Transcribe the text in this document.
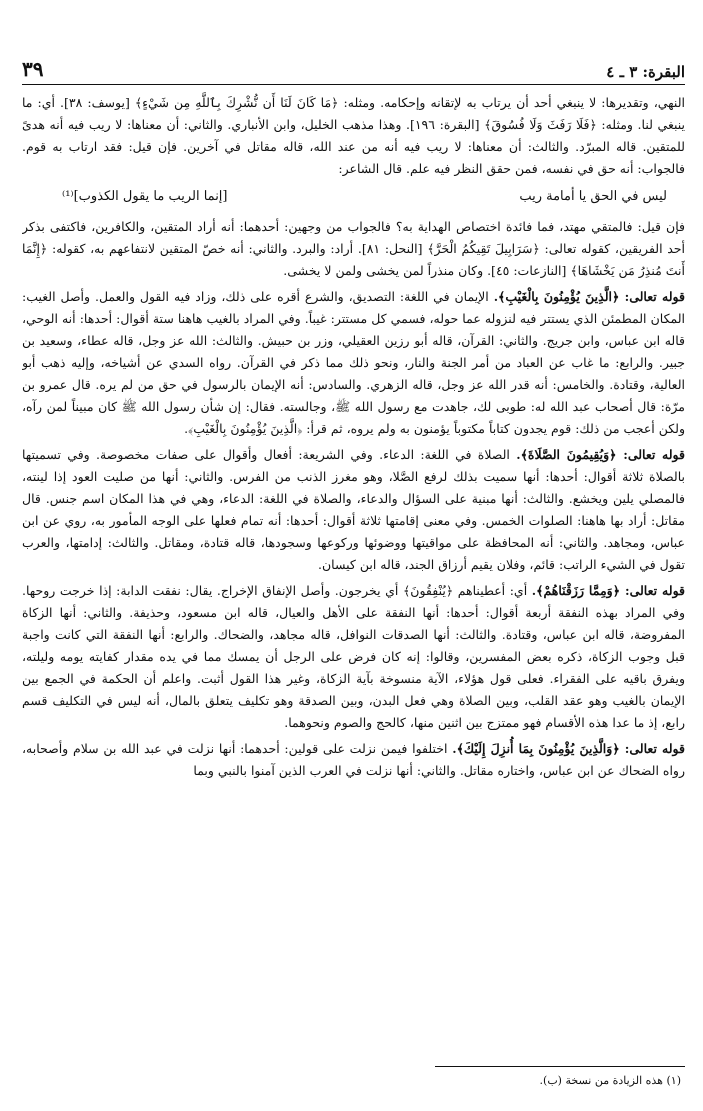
البقرة: ٣ ـ ٤
٣٩

النهي، وتقديرها: لا ينبغي أحد أن يرتاب به لإتقانه وإحكامه. ومثله: ﴿مَا كَانَ لَنَا أَن نُّشْرِكَ بِٱللَّهِ مِن شَيْءٍ﴾ [يوسف: ٣٨]. أي: ما ينبغي لنا. ومثله: ﴿فَلَا رَفَثَ وَلَا فُسُوقَ﴾ [البقرة: ١٩٦]. وهذا مذهب الخليل، وابن الأنباري. والثاني: أن معناها: لا ريب فيه أنه هدىً للمتقين. قاله المبرّد. والثالث: أن معناها: لا ريب فيه أنه من عند الله، قاله مقاتل في آخرين. فإن قيل: فقد ارتاب به قوم. فالجواب: أنه حق في نفسه، فمن حقق النظر فيه علم. قال الشاعر:

ليس في الحق يا أمامة ريب
[إنما الريب ما يقول الكذوب]⁽¹⁾

فإن قيل: فالمتقي مهتد، فما فائدة اختصاص الهداية به؟ فالجواب من وجهين: أحدهما: أنه أراد المتقين، والكافرين، فاكتفى بذكر أحد الفريقين، كقوله تعالى: ﴿سَرَابِيلَ تَقِيكُمُ الْحَرَّ﴾ [النحل: ٨١]. أراد: والبرد. والثاني: أنه خصّ المتقين لانتفاعهم به، كقوله: ﴿إِنَّمَا أَنتَ مُنذِرُ مَن يَخْشَاهَا﴾ [النازعات: ٤٥]. وكان منذراً لمن يخشى ولمن لا يخشى.

قوله تعالى: ﴿الَّذِينَ يُؤْمِنُونَ بِالْغَيْبِ﴾. الإيمان في اللغة: التصديق، والشرع أقره على ذلك، وزاد فيه القول والعمل. وأصل الغيب: المكان المطمئن الذي يستتر فيه لنزوله عما حوله، فسمي كل مستتر: غيباً. وفي المراد بالغيب هاهنا ستة أقوال: أحدها: أنه الوحي، قاله ابن عباس، وابن جريج. والثاني: القرآن، قاله أبو رزين العقيلي، وزر بن حبيش. والثالث: الله عز وجل، قاله عطاء، وسعيد بن جبير. والرابع: ما غاب عن العباد من أمر الجنة والنار، ونحو ذلك مما ذكر في القرآن. رواه السدي عن أشياخه، وإليه ذهب أبو العالية، وقتادة. والخامس: أنه قدر الله عز وجل، قاله الزهري. والسادس: أنه الإيمان بالرسول في حق من لم يره. قال عمرو بن مرّة: قال أصحاب عبد الله له: طوبى لك، جاهدت مع رسول الله ﷺ، وجالسته. فقال: إن شأن رسول الله ﷺ كان مبيناً لمن رآه، ولكن أعجب من ذلك: قوم يجدون كتاباً مكتوباً يؤمنون به ولم يروه، ثم قرأ: ﴿الَّذِينَ يُؤْمِنُونَ بِالْغَيْبِ﴾.

قوله تعالى: ﴿وَيُقِيمُونَ الصَّلَاةَ﴾. الصلاة في اللغة: الدعاء. وفي الشريعة: أفعال وأقوال على صفات مخصوصة. وفي تسميتها بالصلاة ثلاثة أقوال: أحدها: أنها سميت بذلك لرفع الصَّلا، وهو مغرز الذنب من الفرس. والثاني: أنها من صليت العود إذا لينته، فالمصلي يلين ويخشع. والثالث: أنها مبنية على السؤال والدعاء، والصلاة في اللغة: الدعاء، وهي في هذا المكان اسم جنس. قال مقاتل: أراد بها هاهنا: الصلوات الخمس. وفي معنى إقامتها ثلاثة أقوال: أحدها: أنه تمام فعلها على الوجه المأمور به، روي عن ابن عباس، ومجاهد. والثاني: أنه المحافظة على مواقيتها ووضوئها وركوعها وسجودها، قاله قتادة، ومقاتل. والثالث: إدامتها، والعرب تقول في الشيء الراتب: قائم، وفلان يقيم أرزاق الجند، قاله ابن كيسان.

قوله تعالى: ﴿وَمِمَّا رَزَقْنَاهُمْ﴾. أي: أعطيناهم ﴿يُنْفِقُونَ﴾ أي يخرجون. وأصل الإنفاق الإخراج. يقال: نفقت الدابة: إذا خرجت روحها. وفي المراد بهذه النفقة أربعة أقوال: أحدها: أنها النفقة على الأهل والعيال، قاله ابن مسعود، وحذيفة. والثاني: أنها الزكاة المفروضة، قاله ابن عباس، وقتادة. والثالث: أنها الصدقات النوافل، قاله مجاهد، والضحاك. والرابع: أنها النفقة التي كانت واجبة قبل وجوب الزكاة، ذكره بعض المفسرين، وقالوا: إنه كان فرض على الرجل أن يمسك مما في يده مقدار كفايته يومه وليلته، ويفرق باقيه على الفقراء. فعلى قول هؤلاء، الآية منسوخة بآية الزكاة، وغير هذا القول أثبت. واعلم أن الحكمة في الجمع بين الإيمان بالغيب وهو عقد القلب، وبين الصلاة وهي فعل البدن، وبين الصدقة وهو تكليف يتعلق بالمال، أنه ليس في التكليف قسم رابع، إذ ما عدا هذه الأقسام فهو ممتزج بين اثنين منها، كالحج والصوم ونحوهما.

قوله تعالى: ﴿وَالَّذِينَ يُؤْمِنُونَ بِمَا أُنزِلَ إِلَيْكَ﴾. اختلفوا فيمن نزلت على قولين: أحدهما: أنها نزلت في عبد الله بن سلام وأصحابه، رواه الضحاك عن ابن عباس، واختاره مقاتل. والثاني: أنها نزلت في العرب الذين آمنوا بالنبي وبما

(١) هذه الزيادة من نسخة (ب).
